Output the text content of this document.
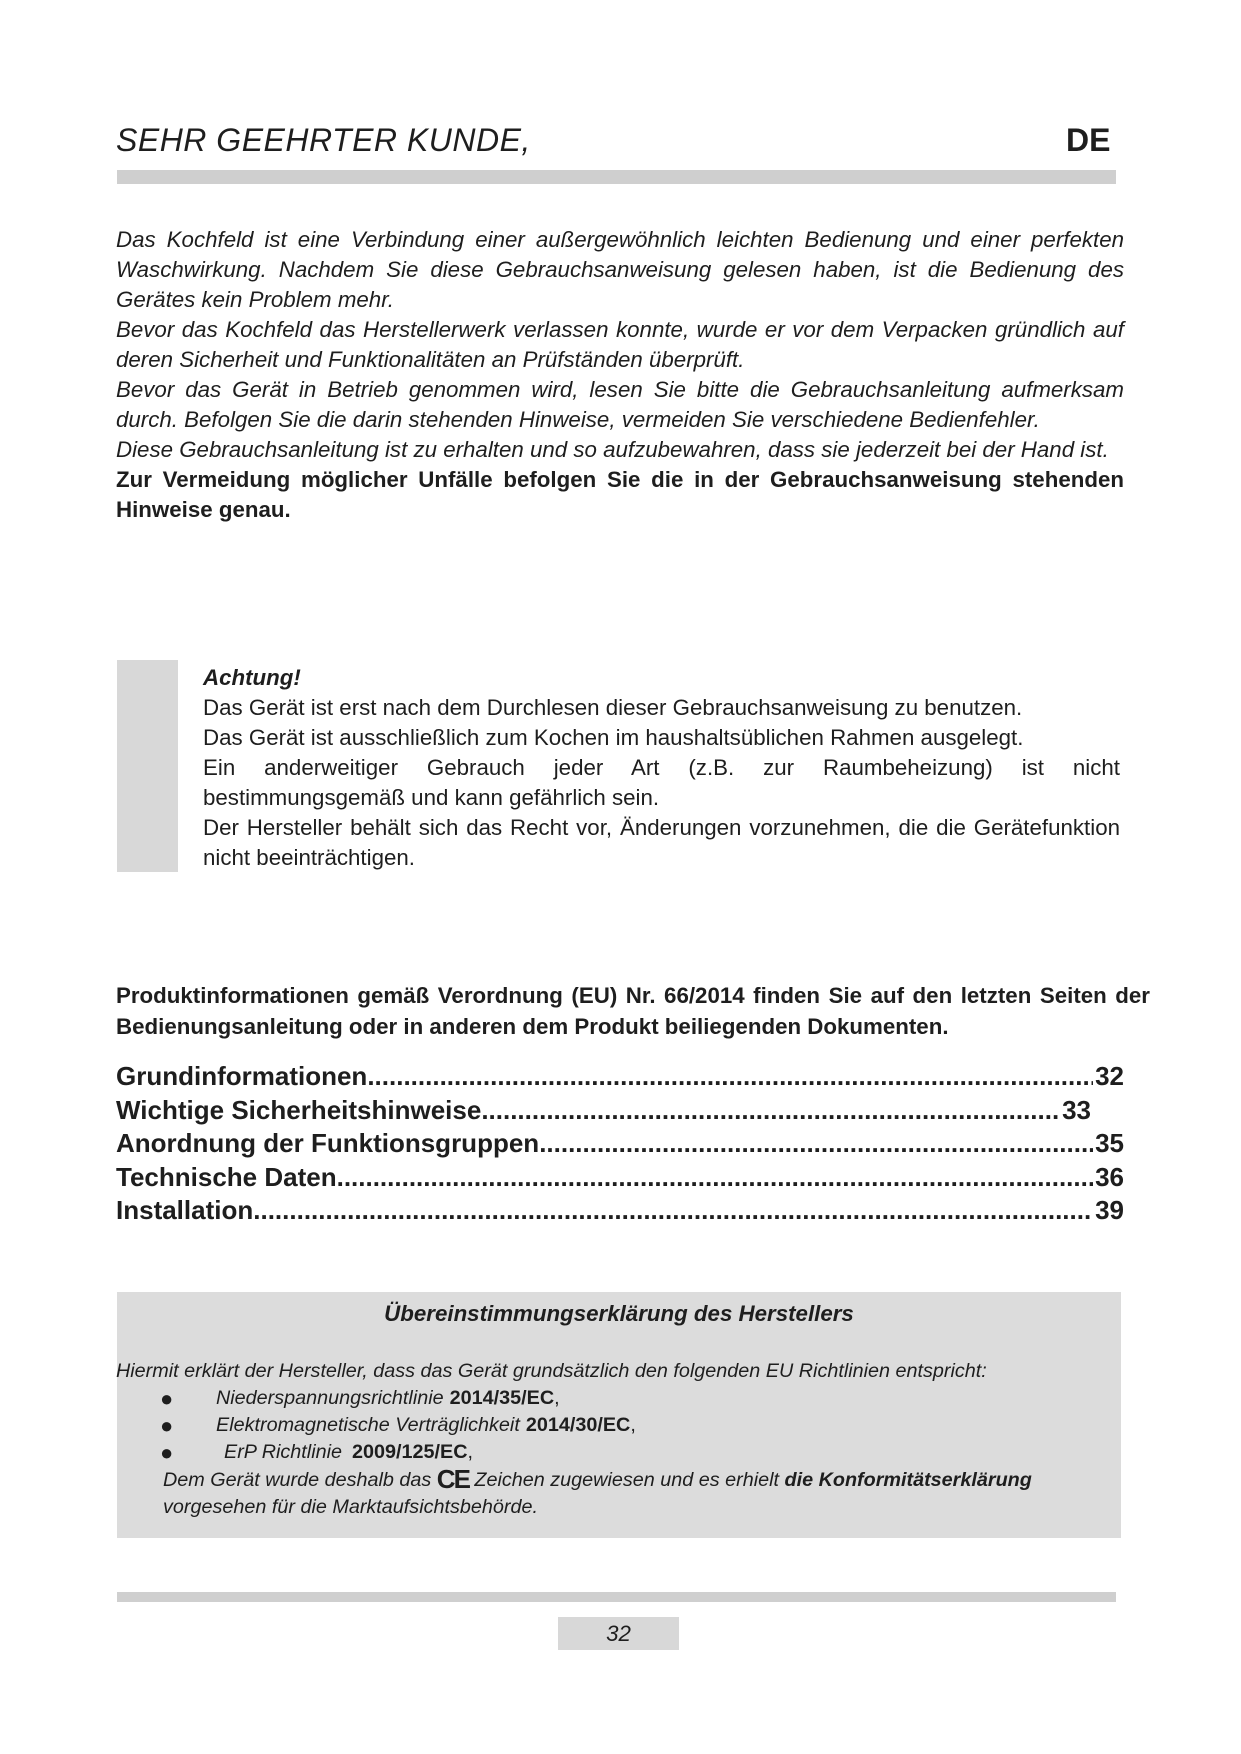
SEHR GEEHRTER KUNDE,	DE

Das Kochfeld ist eine Verbindung einer außergewöhnlich leichten Bedienung und einer perfekten Waschwirkung. Nachdem Sie diese Gebrauchsanweisung gelesen haben, ist die Bedienung des Gerätes kein Problem mehr.

Bevor das Kochfeld das Herstellerwerk verlassen konnte, wurde er vor dem Verpacken gründlich auf deren Sicherheit und Funktionalitäten an Prüfständen überprüft.

Bevor das Gerät in Betrieb genommen wird, lesen Sie bitte die Gebrauchsanleitung aufmerksam durch. Befolgen Sie die darin stehenden Hinweise, vermeiden Sie verschiedene Bedienfehler.

Diese Gebrauchsanleitung ist zu erhalten und so aufzubewahren, dass sie jederzeit bei der Hand ist.

Zur Vermeidung möglicher Unfälle befolgen Sie die in der Gebrauchsanweisung stehenden Hinweise genau.

Achtung!

Das Gerät ist erst nach dem Durchlesen dieser Gebrauchsanweisung zu benutzen.

Das Gerät ist ausschließlich zum Kochen im haushaltsüblichen Rahmen ausgelegt.

Ein anderweitiger Gebrauch jeder Art (z.B. zur Raumbeheizung) ist nicht bestimmungsgemäß und kann gefährlich sein.

Der Hersteller behält sich das Recht vor, Änderungen vorzunehmen, die die Gerätefunktion nicht beeinträchtigen.

Produktinformationen gemäß Verordnung (EU) Nr. 66/2014 finden Sie auf den letzten Seiten der Bedienungsanleitung oder in anderen dem Produkt beiliegenden Dokumenten.

Grundinformationen .....	32
Wichtige Sicherheitshinweise .....	33
Anordnung der Funktionsgruppen .....	35
Technische Daten .....	36
Installation .....	39
Übereinstimmungserklärung des Herstellers
Hiermit erklärt der Hersteller, dass das Gerät grundsätzlich den folgenden EU Richtlinien entspricht:
●	Niederspannungsrichtlinie 2014/35/EC ,
●	Elektromagnetische Verträglichkeit 2014/30/EC ,
●	ErP Richtlinie 2009/125/EC ,
Dem Gerät wurde deshalb das CE Zeichen zugewiesen und es erhielt die Konformitätserklärung
vorgesehen für die Marktaufsichtsbehörde.
32
